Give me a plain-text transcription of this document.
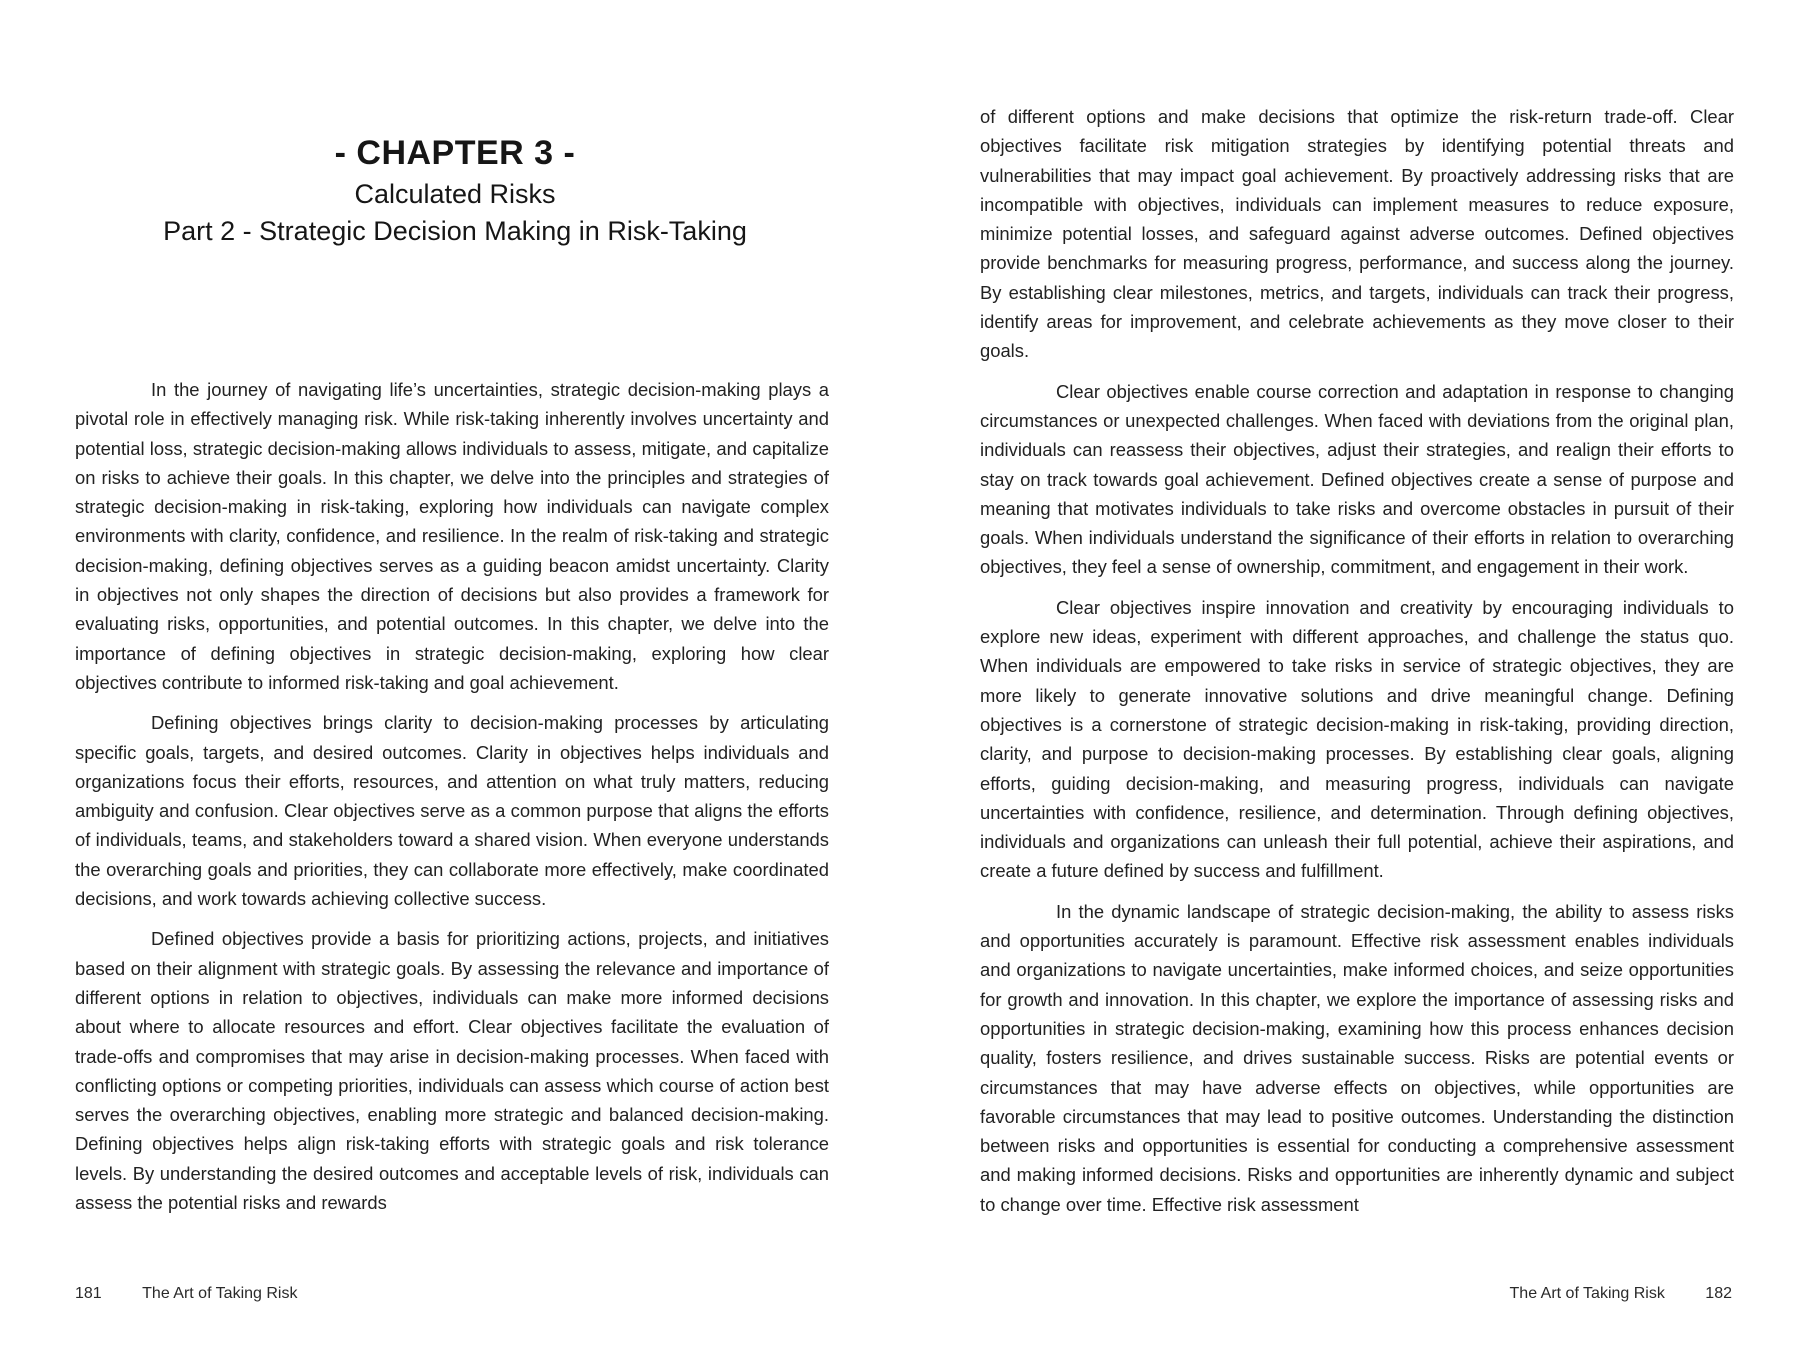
- CHAPTER 3 -
Calculated Risks
Part 2 - Strategic Decision Making in Risk-Taking

In the journey of navigating life’s uncertainties, strategic decision-making plays a pivotal role in effectively managing risk. While risk-taking inherently involves uncertainty and potential loss, strategic decision-making allows individuals to assess, mitigate, and capitalize on risks to achieve their goals. In this chapter, we delve into the principles and strategies of strategic decision-making in risk-taking, exploring how individuals can navigate complex environments with clarity, confidence, and resilience. In the realm of risk-taking and strategic decision-making, defining objectives serves as a guiding beacon amidst uncertainty. Clarity in objectives not only shapes the direction of decisions but also provides a framework for evaluating risks, opportunities, and potential outcomes. In this chapter, we delve into the importance of defining objectives in strategic decision-making, exploring how clear objectives contribute to informed risk-taking and goal achievement.

Defining objectives brings clarity to decision-making processes by articulating specific goals, targets, and desired outcomes. Clarity in objectives helps individuals and organizations focus their efforts, resources, and attention on what truly matters, reducing ambiguity and confusion. Clear objectives serve as a common purpose that aligns the efforts of individuals, teams, and stakeholders toward a shared vision. When everyone understands the overarching goals and priorities, they can collaborate more effectively, make coordinated decisions, and work towards achieving collective success.

Defined objectives provide a basis for prioritizing actions, projects, and initiatives based on their alignment with strategic goals. By assessing the relevance and importance of different options in relation to objectives, individuals can make more informed decisions about where to allocate resources and effort. Clear objectives facilitate the evaluation of trade-offs and compromises that may arise in decision-making processes. When faced with conflicting options or competing priorities, individuals can assess which course of action best serves the overarching objectives, enabling more strategic and balanced decision-making. Defining objectives helps align risk-taking efforts with strategic goals and risk tolerance levels. By understanding the desired outcomes and acceptable levels of risk, individuals can assess the potential risks and rewards

181	The Art of Taking Risk

of different options and make decisions that optimize the risk-return trade-off. Clear objectives facilitate risk mitigation strategies by identifying potential threats and vulnerabilities that may impact goal achievement. By proactively addressing risks that are incompatible with objectives, individuals can implement measures to reduce exposure, minimize potential losses, and safeguard against adverse outcomes. Defined objectives provide benchmarks for measuring progress, performance, and success along the journey. By establishing clear milestones, metrics, and targets, individuals can track their progress, identify areas for improvement, and celebrate achievements as they move closer to their goals.

Clear objectives enable course correction and adaptation in response to changing circumstances or unexpected challenges. When faced with deviations from the original plan, individuals can reassess their objectives, adjust their strategies, and realign their efforts to stay on track towards goal achievement. Defined objectives create a sense of purpose and meaning that motivates individuals to take risks and overcome obstacles in pursuit of their goals. When individuals understand the significance of their efforts in relation to overarching objectives, they feel a sense of ownership, commitment, and engagement in their work.

Clear objectives inspire innovation and creativity by encouraging individuals to explore new ideas, experiment with different approaches, and challenge the status quo. When individuals are empowered to take risks in service of strategic objectives, they are more likely to generate innovative solutions and drive meaningful change. Defining objectives is a cornerstone of strategic decision-making in risk-taking, providing direction, clarity, and purpose to decision-making processes. By establishing clear goals, aligning efforts, guiding decision-making, and measuring progress, individuals can navigate uncertainties with confidence, resilience, and determination. Through defining objectives, individuals and organizations can unleash their full potential, achieve their aspirations, and create a future defined by success and fulfillment.

In the dynamic landscape of strategic decision-making, the ability to assess risks and opportunities accurately is paramount. Effective risk assessment enables individuals and organizations to navigate uncertainties, make informed choices, and seize opportunities for growth and innovation. In this chapter, we explore the importance of assessing risks and opportunities in strategic decision-making, examining how this process enhances decision quality, fosters resilience, and drives sustainable success. Risks are potential events or circumstances that may have adverse effects on objectives, while opportunities are favorable circumstances that may lead to positive outcomes. Understanding the distinction between risks and opportunities is essential for conducting a comprehensive assessment and making informed decisions. Risks and opportunities are inherently dynamic and subject to change over time. Effective risk assessment

The Art of Taking Risk	182
